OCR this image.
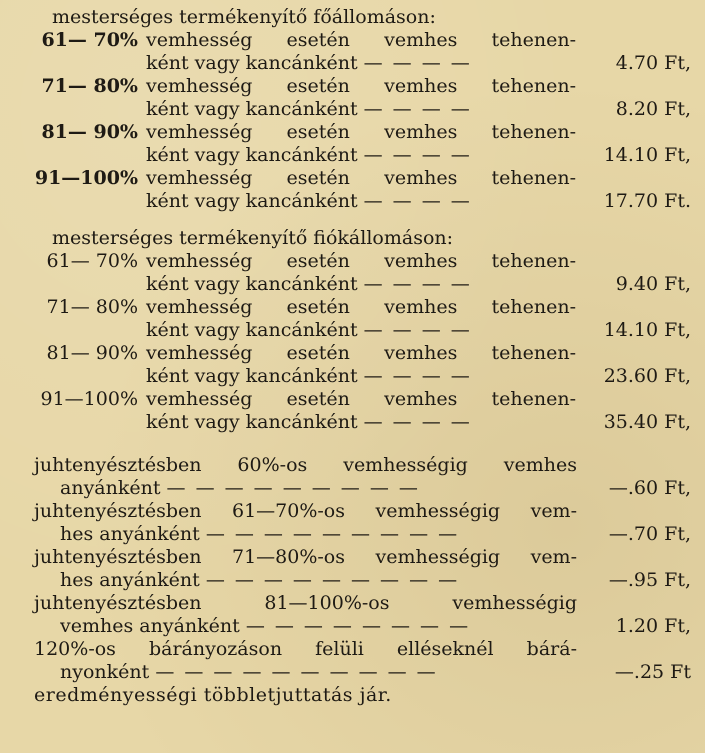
mesterséges termékenyítő főállomáson:
61— 70% vemhesség esetén vemhes tehenen-
ként vagy kancánként — — — —	4.70 Ft,
71— 80% vemhesség esetén vemhes tehenen-
ként vagy kancánként — — — —	8.20 Ft,
81— 90% vemhesség esetén vemhes tehenen-
ként vagy kancánként — — — —	14.10 Ft,
91—100% vemhesség esetén vemhes tehenen-
ként vagy kancánként — — — —	17.70 Ft.
mesterséges termékenyítő fiókállomáson:
61— 70% vemhesség esetén vemhes tehenen-
ként vagy kancánként — — — —	9.40 Ft,
71— 80% vemhesség esetén vemhes tehenen-
ként vagy kancánként — — — —	14.10 Ft,
81— 90% vemhesség esetén vemhes tehenen-
ként vagy kancánként — — — —	23.60 Ft,
91—100% vemhesség esetén vemhes tehenen-
ként vagy kancánként — — — —	35.40 Ft,
juhtenyésztésben 60%-os vemhességig vemhes
anyánként — — — — — — — — —	—.60 Ft,
juhtenyésztésben 61—70%-os vemhességig vem-
hes anyánként — — — — — — — — —	—.70 Ft,
juhtenyésztésben 71—80%-os vemhességig vem-
hes anyánként — — — — — — — — —	—.95 Ft,
juhtenyésztésben 81—100%-os vemhességig
vemhes anyánként — — — — — — — —	1.20 Ft,
120%-os bárányozáson felüli elléseknél bárá-
nyonként — — — — — — — — — —	—.25 Ft
eredményességi többletjuttatás jár.
